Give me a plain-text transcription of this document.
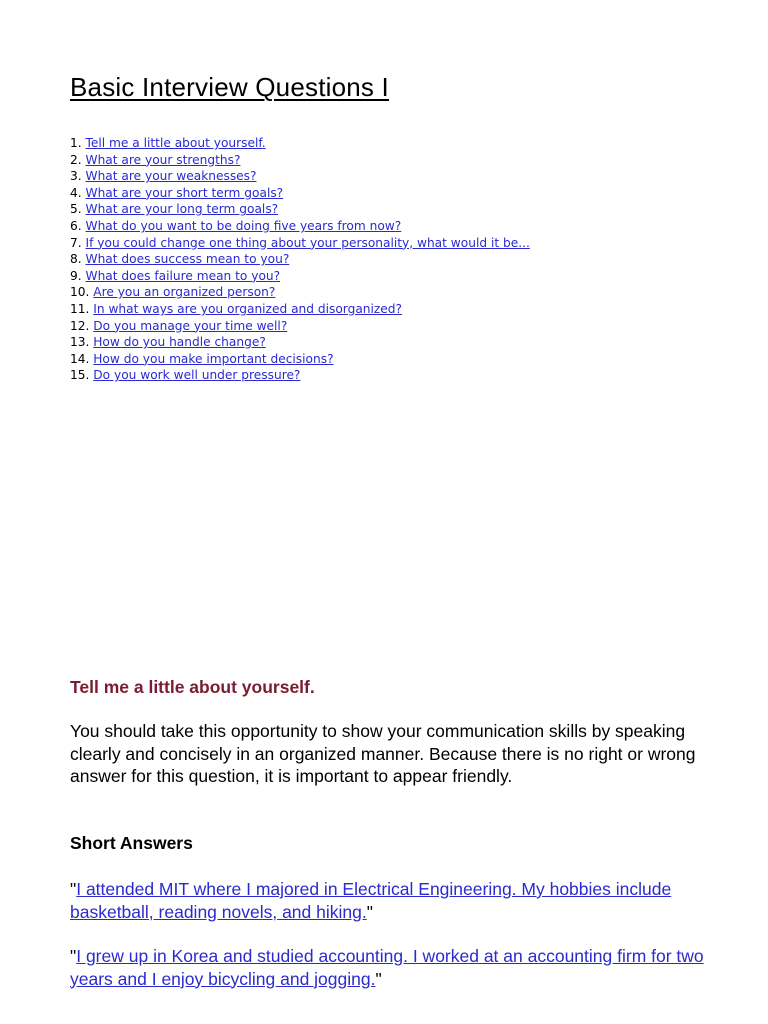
Basic Interview Questions I
1. Tell me a little about yourself.
2. What are your strengths?
3. What are your weaknesses?
4. What are your short term goals?
5. What are your long term goals?
6. What do you want to be doing five years from now?
7. If you could change one thing about your personality, what would it be...
8. What does success mean to you?
9. What does failure mean to you?
10. Are you an organized person?
11. In what ways are you organized and disorganized?
12. Do you manage your time well?
13. How do you handle change?
14. How do you make important decisions?
15. Do you work well under pressure?
Tell me a little about yourself.

You should take this opportunity to show your communication skills by speaking clearly and concisely in an organized manner. Because there is no right or wrong answer for this question, it is important to appear friendly.

Short Answers

"I attended MIT where I majored in Electrical Engineering. My hobbies include basketball, reading novels, and hiking."

"I grew up in Korea and studied accounting. I worked at an accounting firm for two years and I enjoy bicycling and jogging."
